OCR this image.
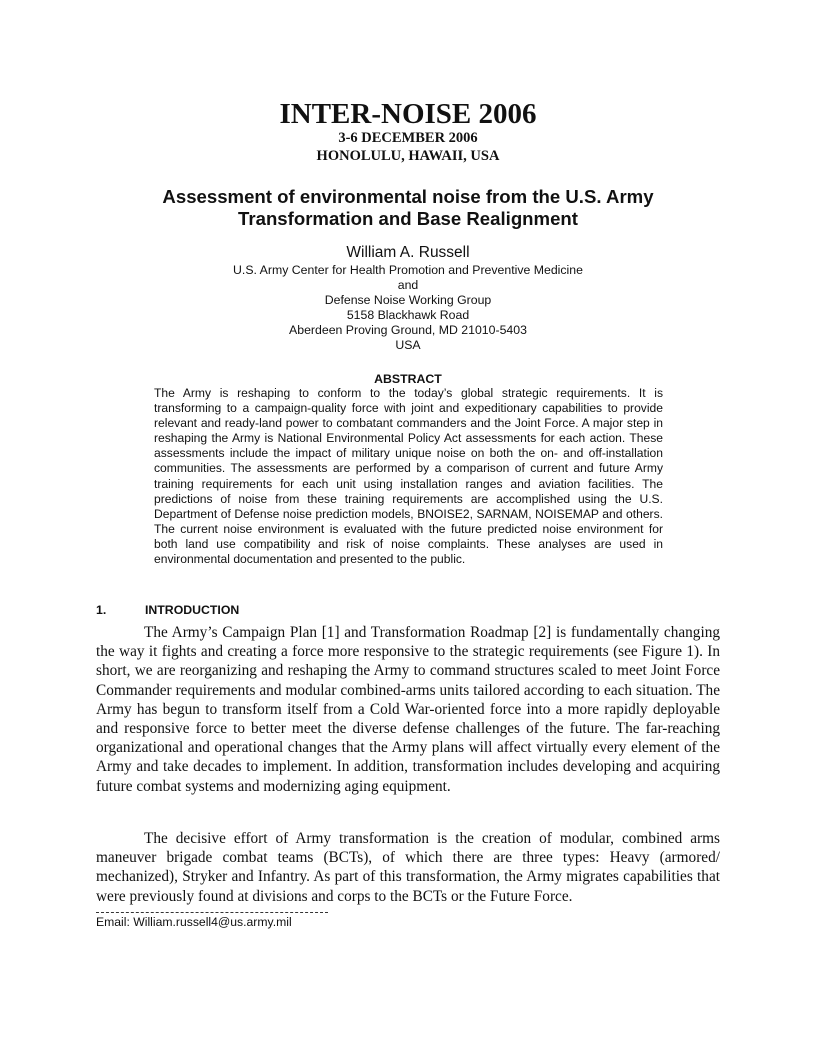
INTER-NOISE 2006
3-6 DECEMBER 2006
HONOLULU, HAWAII, USA
Assessment of environmental noise from the U.S. Army
Transformation and Base Realignment
William A. Russell
U.S. Army Center for Health Promotion and Preventive Medicine
and
Defense Noise Working Group
5158 Blackhawk Road
Aberdeen Proving Ground, MD 21010-5403
USA
ABSTRACT

The Army is reshaping to conform to the today’s global strategic requirements. It is transforming to a campaign-quality force with joint and expeditionary capabilities to provide relevant and ready-land power to combatant commanders and the Joint Force. A major step in reshaping the Army is National Environmental Policy Act assessments for each action. These assessments include the impact of military unique noise on both the on- and off-installation communities. The assessments are performed by a comparison of current and future Army training requirements for each unit using installation ranges and aviation facilities. The predictions of noise from these training requirements are accomplished using the U.S. Department of Defense noise prediction models, BNOISE2, SARNAM, NOISEMAP and others. The current noise environment is evaluated with the future predicted noise environment for both land use compatibility and risk of noise complaints. These analyses are used in environmental documentation and presented to the public.

1.	INTRODUCTION

The Army’s Campaign Plan [1] and Transformation Roadmap [2] is fundamentally changing the way it fights and creating a force more responsive to the strategic requirements (see Figure 1). In short, we are reorganizing and reshaping the Army to command structures scaled to meet Joint Force Commander requirements and modular combined-arms units tailored according to each situation. The Army has begun to transform itself from a Cold War-oriented force into a more rapidly deployable and responsive force to better meet the diverse defense challenges of the future. The far-reaching organizational and operational changes that the Army plans will affect virtually every element of the Army and take decades to implement. In addition, transformation includes developing and acquiring future combat systems and modernizing aging equipment.

The decisive effort of Army transformation is the creation of modular, combined arms maneuver brigade combat teams (BCTs), of which there are three types: Heavy (armored/ mechanized), Stryker and Infantry. As part of this transformation, the Army migrates capabilities that were previously found at divisions and corps to the BCTs or the Future Force.

Email: William.russell4@us.army.mil
